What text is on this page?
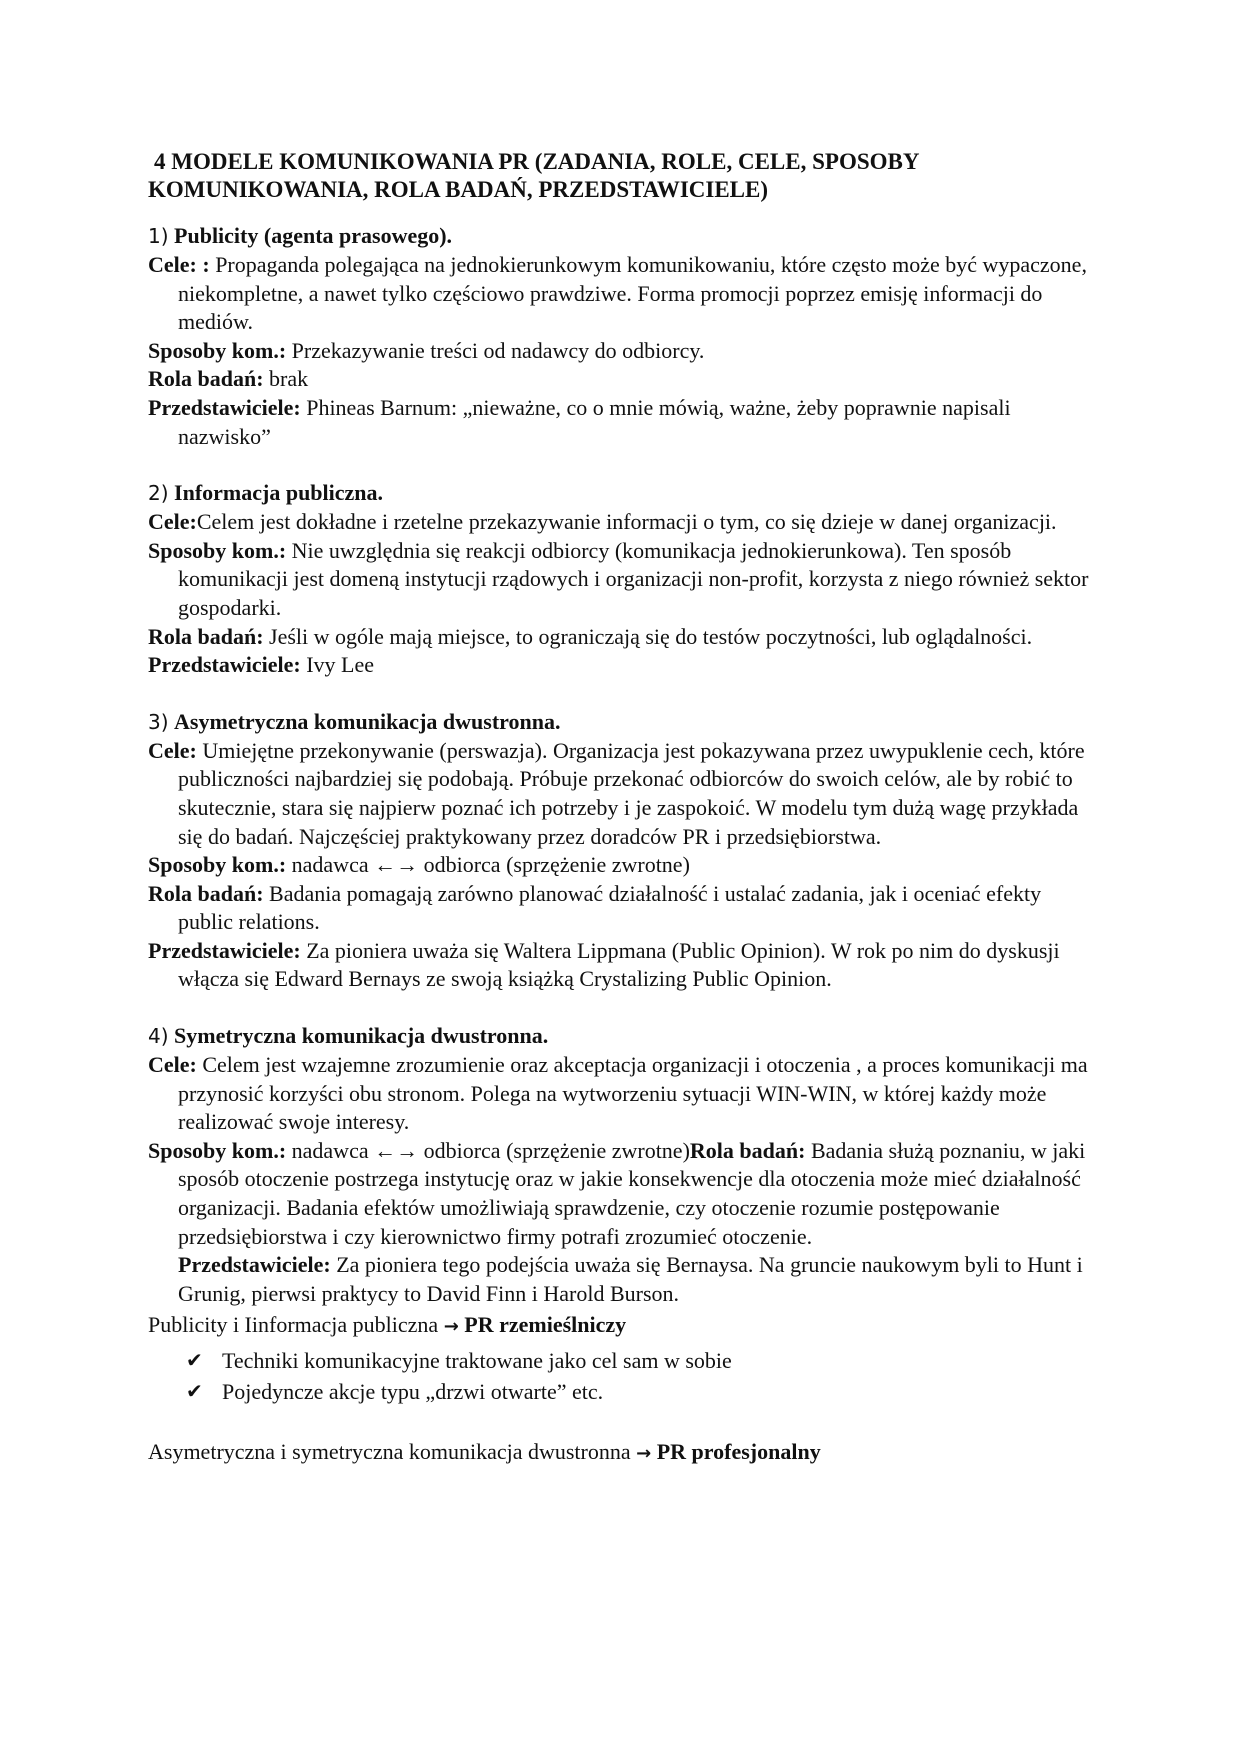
4 MODELE KOMUNIKOWANIA PR (ZADANIA, ROLE, CELE, SPOSOBY
KOMUNIKOWANIA, ROLA BADAŃ, PRZEDSTAWICIELE)

1) Publicity (agenta prasowego).

Cele: : Propaganda polegająca na jednokierunkowym komunikowaniu, które często może być wypaczone, niekompletne, a nawet tylko częściowo prawdziwe. Forma promocji poprzez emisję informacji do mediów.

Sposoby kom.: Przekazywanie treści od nadawcy do odbiorcy.

Rola badań: brak

Przedstawiciele: Phineas Barnum: „nieważne, co o mnie mówią, ważne, żeby poprawnie napisali nazwisko”

2) Informacja publiczna.

Cele:Celem jest dokładne i rzetelne przekazywanie informacji o tym, co się dzieje w danej organizacji.

Sposoby kom.: Nie uwzględnia się reakcji odbiorcy (komunikacja jednokierunkowa). Ten sposób komunikacji jest domeną instytucji rządowych i organizacji non-profit, korzysta z niego również sektor gospodarki.

Rola badań: Jeśli w ogóle mają miejsce, to ograniczają się do testów poczytności, lub oglądalności.

Przedstawiciele: Ivy Lee

3) Asymetryczna komunikacja dwustronna.

Cele: Umiejętne przekonywanie (perswazja). Organizacja jest pokazywana przez uwypuklenie cech, które publiczności najbardziej się podobają. Próbuje przekonać odbiorców do swoich celów, ale by robić to skutecznie, stara się najpierw poznać ich potrzeby i je zaspokoić. W modelu tym dużą wagę przykłada się do badań. Najczęściej praktykowany przez doradców PR i przedsiębiorstwa.

Sposoby kom.: nadawca ←→ odbiorca (sprzężenie zwrotne)

Rola badań: Badania pomagają zarówno planować działalność i ustalać zadania, jak i oceniać efekty public relations.

Przedstawiciele: Za pioniera uważa się Waltera Lippmana (Public Opinion). W rok po nim do dyskusji włącza się Edward Bernays ze swoją książką Crystalizing Public Opinion.

4) Symetryczna komunikacja dwustronna.

Cele: Celem jest wzajemne zrozumienie oraz akceptacja organizacji i otoczenia , a proces komunikacji ma przynosić korzyści obu stronom. Polega na wytworzeniu sytuacji WIN-WIN, w której każdy może realizować swoje interesy.

Sposoby kom.: nadawca ←→ odbiorca (sprzężenie zwrotne)Rola badań: Badania służą poznaniu, w jaki sposób otoczenie postrzega instytucję oraz w jakie konsekwencje dla otoczenia może mieć działalność organizacji. Badania efektów umożliwiają sprawdzenie, czy otoczenie rozumie postępowanie przedsiębiorstwa i czy kierownictwo firmy potrafi zrozumieć otoczenie.

Przedstawiciele: Za pioniera tego podejścia uważa się Bernaysa. Na gruncie naukowym byli to Hunt i Grunig, pierwsi praktycy to David Finn i Harold Burson.

Publicity i Iinformacja publiczna → PR rzemieślniczy

✔ Techniki komunikacyjne traktowane jako cel sam w sobie
✔ Pojedyncze akcje typu „drzwi otwarte” etc.

Asymetryczna i symetryczna komunikacja dwustronna → PR profesjonalny
